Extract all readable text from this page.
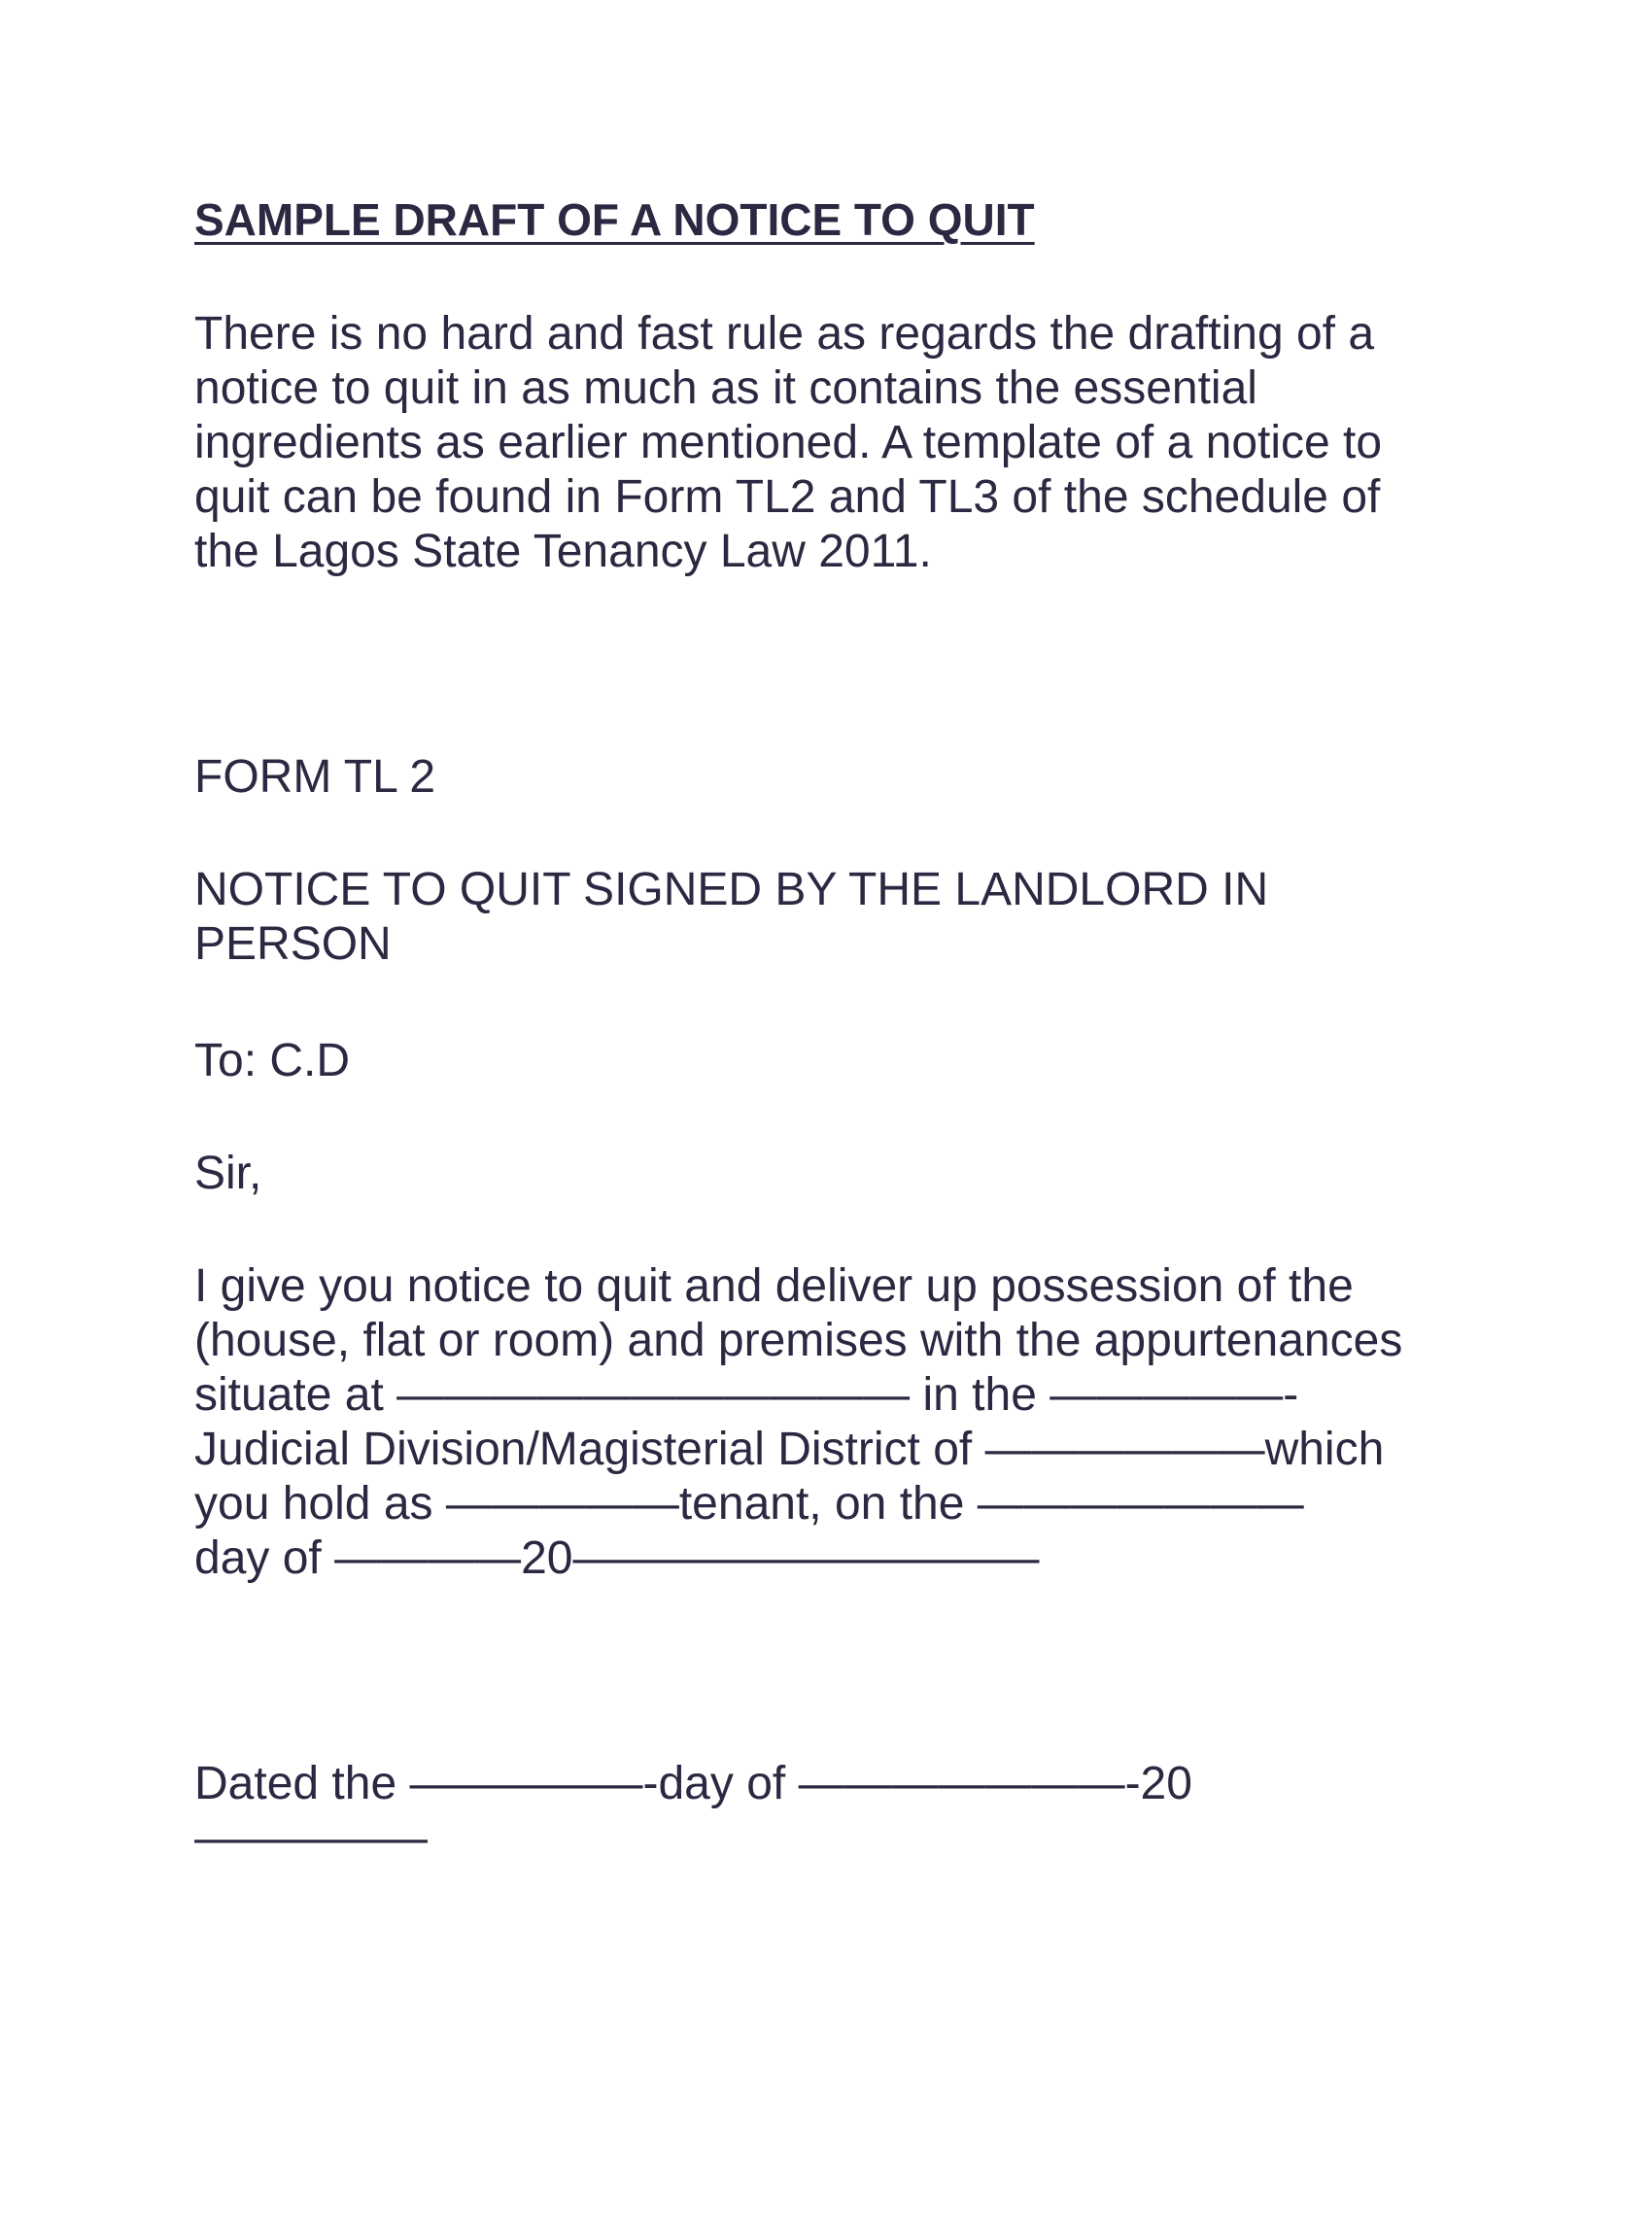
SAMPLE DRAFT OF A NOTICE TO QUIT

There is no hard and fast rule as regards the drafting of a
notice to quit in as much as it contains the essential
ingredients as earlier mentioned. A template of a notice to
quit can be found in Form TL2 and TL3 of the schedule of
the Lagos State Tenancy Law 2011.

FORM TL 2

NOTICE TO QUIT SIGNED BY THE LANDLORD IN
PERSON

To: C.D

Sir,

I give you notice to quit and deliver up possession of the
(house, flat or room) and premises with the appurtenances
situate at ——————————— in the —————-
Judicial Division/Magisterial District of ——————which
you hold as —————tenant, on the ———————
day of ————20——————————

Dated the —————-day of ———————-20
—————
